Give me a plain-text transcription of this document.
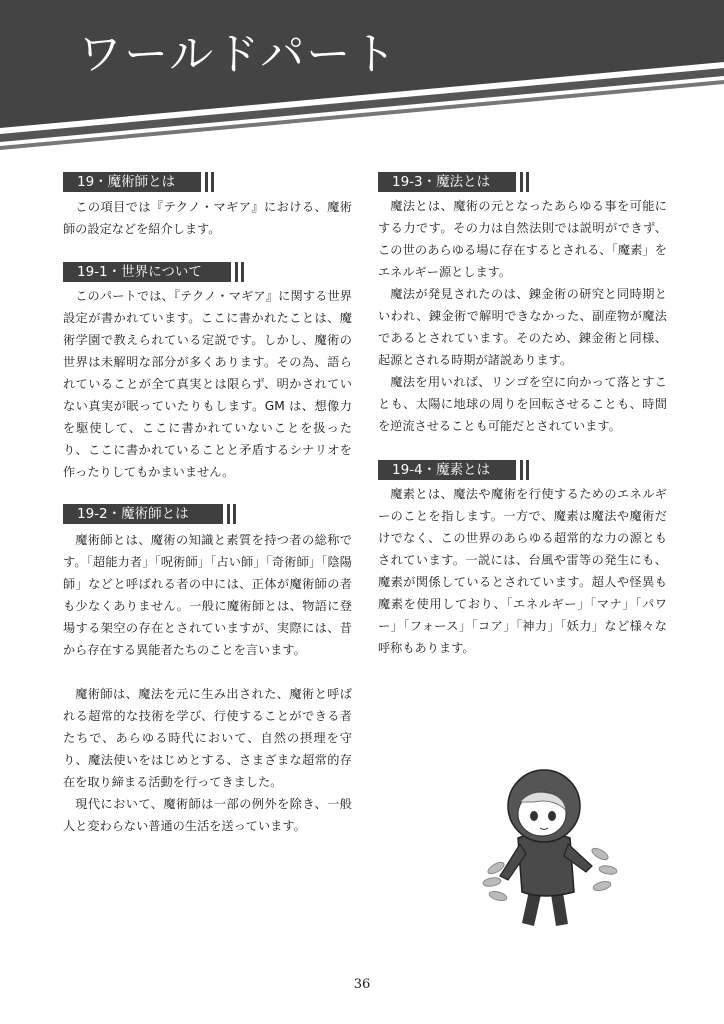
ワールドパート
19・魔術師とは

この項目では『テクノ・マギア』における、魔術師の設定などを紹介します。

19-1・世界について

このパートでは、『テクノ・マギア』に関する世界設定が書かれています。ここに書かれたことは、魔術学園で教えられている定説です。しかし、魔術の世界は未解明な部分が多くあります。その為、語られていることが全て真実とは限らず、明かされていない真実が眠っていたりもします。GM は、想像力を駆使して、ここに書かれていないことを扱ったり、ここに書かれていることと矛盾するシナリオを作ったりしてもかまいません。

19-2・魔術師とは

魔術師とは、魔術の知識と素質を持つ者の総称です。「超能力者」「呪術師」「占い師」「奇術師」「陰陽師」などと呼ばれる者の中には、正体が魔術師の者も少なくありません。一般に魔術師とは、物語に登場する架空の存在とされていますが、実際には、昔から存在する異能者たちのことを言います。

魔術師は、魔法を元に生み出された、魔術と呼ばれる超常的な技術を学び、行使することができる者たちで、あらゆる時代において、自然の摂理を守り、魔法使いをはじめとする、さまざまな超常的存在を取り締まる活動を行ってきました。

現代において、魔術師は一部の例外を除き、一般人と変わらない普通の生活を送っています。

19-3・魔法とは

魔法とは、魔術の元となったあらゆる事を可能にする力です。その力は自然法則では説明ができず、この世のあらゆる場に存在するとされる、「魔素」をエネルギー源とします。

魔法が発見されたのは、錬金術の研究と同時期といわれ、錬金術で解明できなかった、副産物が魔法であるとされています。そのため、錬金術と同様、起源とされる時期が諸説あります。

魔法を用いれば、リンゴを空に向かって落とすことも、太陽に地球の周りを回転させることも、時間を逆流させることも可能だとされています。

19-4・魔素とは

魔素とは、魔法や魔術を行使するためのエネルギーのことを指します。一方で、魔素は魔法や魔術だけでなく、この世界のあらゆる超常的な力の源ともされています。一説には、台風や雷等の発生にも、魔素が関係しているとされています。超人や怪異も魔素を使用しており、「エネルギー」「マナ」「パワー」「フォース」「コア」「神力」「妖力」など様々な呼称もあります。

36
